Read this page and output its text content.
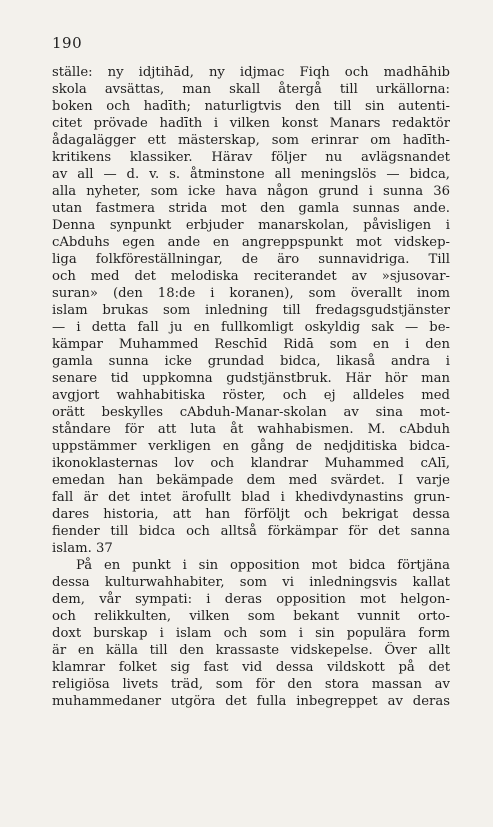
190
ställe: ny idjtihād, ny idjmac Fiqh och madhāhib
skola avsättas, man skall återgå till urkällorna:
boken och hadīth; naturligtvis den till sin autenti-
citet prövade hadīth i vilken konst Manars redaktör
ådagalägger ett mästerskap, som erinrar om hadīth-
kritikens klassiker. Härav följer nu avlägsnandet
av all — d. v. s. åtminstone all meningslös — bidca,
alla nyheter, som icke hava någon grund i sunna 36
utan fastmera strida mot den gamla sunnas ande.
Denna synpunkt erbjuder manarskolan, påvisligen i
cAbduhs egen ande en angreppspunkt mot vidskep-
liga folkföreställningar, de äro sunnavidriga. Till
och med det melodiska reciterandet av »sjusovar-
suran» (den 18:de i koranen), som överallt inom
islam brukas som inledning till fredagsgudstjänster
— i detta fall ju en fullkomligt oskyldig sak — be-
kämpar Muhammed Reschīd Ridā som en i den
gamla sunna icke grundad bidca, likaså andra i
senare tid uppkomna gudstjänstbruk. Här hör man
avgjort wahhabitiska röster, och ej alldeles med
orätt beskylles cAbduh-Manar-skolan av sina mot-
ståndare för att luta åt wahhabismen. M. cAbduh
uppstämmer verkligen en gång de nedjditiska bidca-
ikonoklasternas lov och klandrar Muhammed cAlī,
emedan han bekämpade dem med svärdet. I varje
fall är det intet ärofullt blad i khedivdynastins grun-
dares historia, att han förföljt och bekrigat dessa
fiender till bidca och alltså förkämpar för det sanna
islam. 37
På en punkt i sin opposition mot bidca förtjäna
dessa kulturwahhabiter, som vi inledningsvis kallat
dem, vår sympati: i deras opposition mot helgon-
och relikkulten, vilken som bekant vunnit orto-
doxt burskap i islam och som i sin populära form
är en källa till den krassaste vidskepelse. Över allt
klamrar folket sig fast vid dessa vildskott på det
religiösa livets träd, som för den stora massan av
muhammedaner utgöra det fulla inbegreppet av deras
